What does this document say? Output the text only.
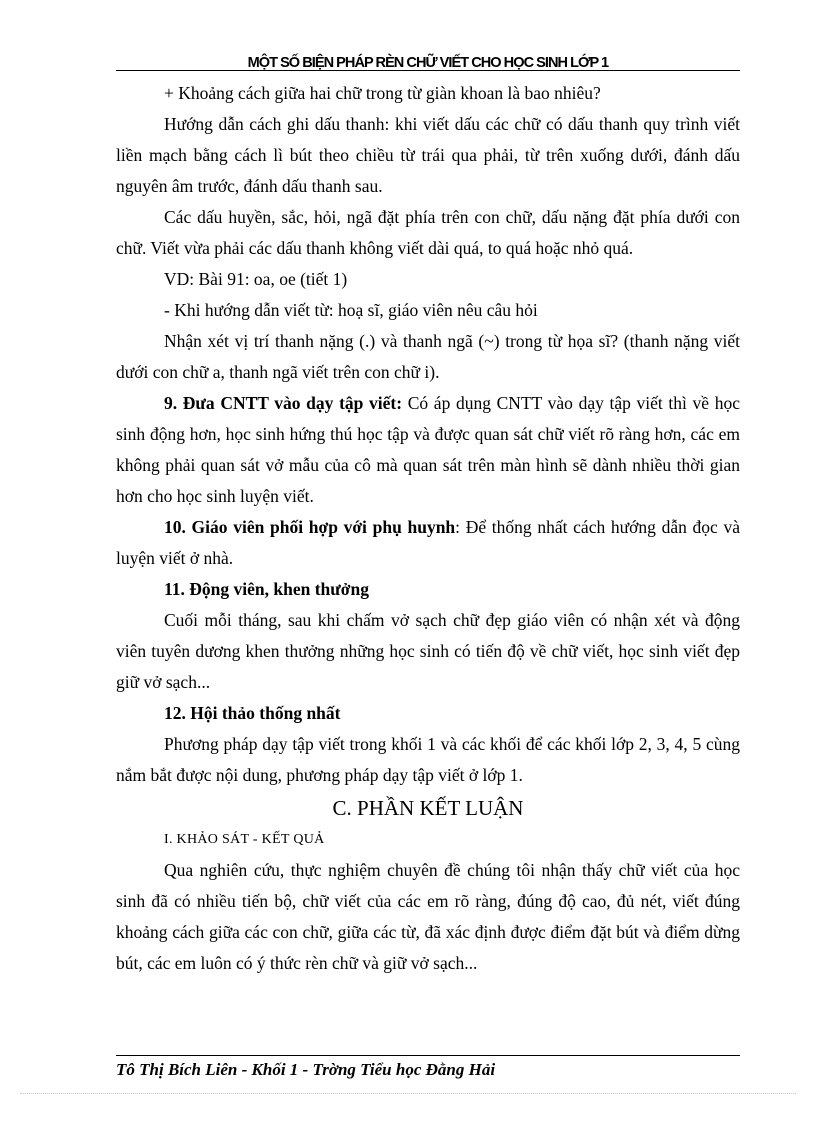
MỘT SỐ BIỆN PHÁP RÈN CHỮ VIẾT CHO HỌC SINH LỚP 1

+ Khoảng cách giữa hai chữ trong từ giàn khoan là bao nhiêu?

Hướng dẫn cách ghi dấu thanh: khi viết dấu các chữ có dấu thanh quy trình viết liền mạch bằng cách lì bút theo chiều từ trái qua phải, từ trên xuống dưới, đánh dấu nguyên âm trước, đánh dấu thanh sau.

Các dấu huyền, sắc, hỏi, ngã đặt phía trên con chữ, dấu nặng đặt phía dưới con chữ. Viết vừa phải các dấu thanh không viết dài quá, to quá hoặc nhỏ quá.

VD: Bài 91: oa, oe (tiết 1)

- Khi hướng dẫn viết từ: hoạ sĩ, giáo viên nêu câu hỏi

Nhận xét vị trí thanh nặng (.) và thanh ngã (~) trong từ họa sĩ? (thanh nặng viết dưới con chữ a, thanh ngã viết trên con chữ i).

9. Đưa CNTT vào dạy tập viết: Có áp dụng CNTT vào dạy tập viết thì về học sinh động hơn, học sinh hứng thú học tập và được quan sát chữ viết rõ ràng hơn, các em không phải quan sát vở mẫu của cô mà quan sát trên màn hình sẽ dành nhiều thời gian hơn cho học sinh luyện viết.

10. Giáo viên phối hợp với phụ huynh: Để thống nhất cách hướng dẫn đọc và luyện viết ở nhà.

11. Động viên, khen thưởng

Cuối mỗi tháng, sau khi chấm vở sạch chữ đẹp giáo viên có nhận xét và động viên tuyên dương khen thưởng những học sinh có tiến độ về chữ viết, học sinh viết đẹp giữ vở sạch...

12. Hội thảo thống nhất

Phương pháp dạy tập viết trong khối 1 và các khối để các khối lớp 2, 3, 4, 5 cùng nắm bắt được nội dung, phương pháp dạy tập viết ở lớp 1.

C. PHẦN KẾT LUẬN

I. KHẢO SÁT - KẾT QUẢ

Qua nghiên cứu, thực nghiệm chuyên đề chúng tôi nhận thấy chữ viết của học sinh đã có nhiều tiến bộ, chữ viết của các em rõ ràng, đúng độ cao, đủ nét, viết đúng khoảng cách giữa các con chữ, giữa các từ, đã xác định được điểm đặt bút và điểm dừng bút, các em luôn có ý thức rèn chữ và giữ vở sạch...

Tô Thị Bích Liên - Khối 1 - Trờng Tiểu học Đằng Hải
